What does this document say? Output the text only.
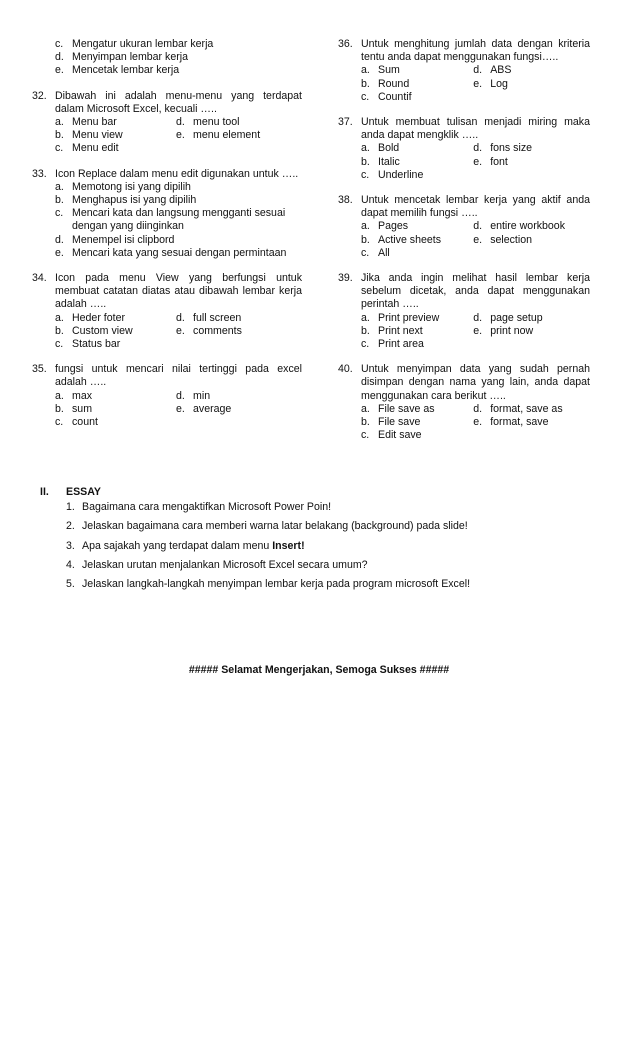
c. Mengatur ukuran lembar kerja
d. Menyimpan lembar kerja
e. Mencetak lembar kerja
32. Dibawah ini adalah menu-menu yang terdapat dalam Microsoft Excel, kecuali …..
a. Menu bar	d. menu tool
b. Menu view	e. menu element
c. Menu edit
33. Icon Replace dalam menu edit digunakan untuk …..
a. Memotong isi yang dipilih
b. Menghapus isi yang dipilih
c. Mencari kata dan langsung mengganti sesuai dengan yang diinginkan
d. Menempel isi clipbord
e. Mencari kata yang sesuai dengan permintaan
34. Icon pada menu View yang berfungsi untuk membuat catatan diatas atau dibawah lembar kerja adalah …..
a. Heder foter	d. full screen
b. Custom view	e. comments
c. Status bar
35. fungsi untuk mencari nilai tertinggi pada excel adalah …..
a. max	d. min
b. sum	e. average
c. count
36. Untuk menghitung jumlah data dengan kriteria tentu anda dapat menggunakan fungsi…..
a. Sum	d. ABS
b. Round	e. Log
c. Countif
37. Untuk membuat tulisan menjadi miring maka anda dapat mengklik …..
a. Bold	d. fons size
b. Italic	e. font
c. Underline
38. Untuk mencetak lembar kerja yang aktif anda dapat memilih fungsi …..
a. Pages	d. entire workbook
b. Active sheets	e. selection
c. All
39. Jika anda ingin melihat hasil lembar kerja sebelum dicetak, anda dapat menggunakan perintah …..
a. Print preview	d. page setup
b. Print next	e. print now
c. Print area
40. Untuk menyimpan data yang sudah pernah disimpan dengan nama yang lain, anda dapat menggunakan cara berikut …..
a. File save as	d. format, save as
b. File save	e. format, save
c. Edit save
II.	ESSAY
1. Bagaimana cara mengaktifkan Microsoft Power Poin!
2. Jelaskan bagaimana cara memberi warna latar belakang (background) pada slide!
3. Apa sajakah yang terdapat dalam menu Insert!
4. Jelaskan urutan menjalankan Microsoft Excel secara umum?
5. Jelaskan langkah-langkah menyimpan lembar kerja pada program microsoft Excel!
##### Selamat Mengerjakan, Semoga Sukses #####
